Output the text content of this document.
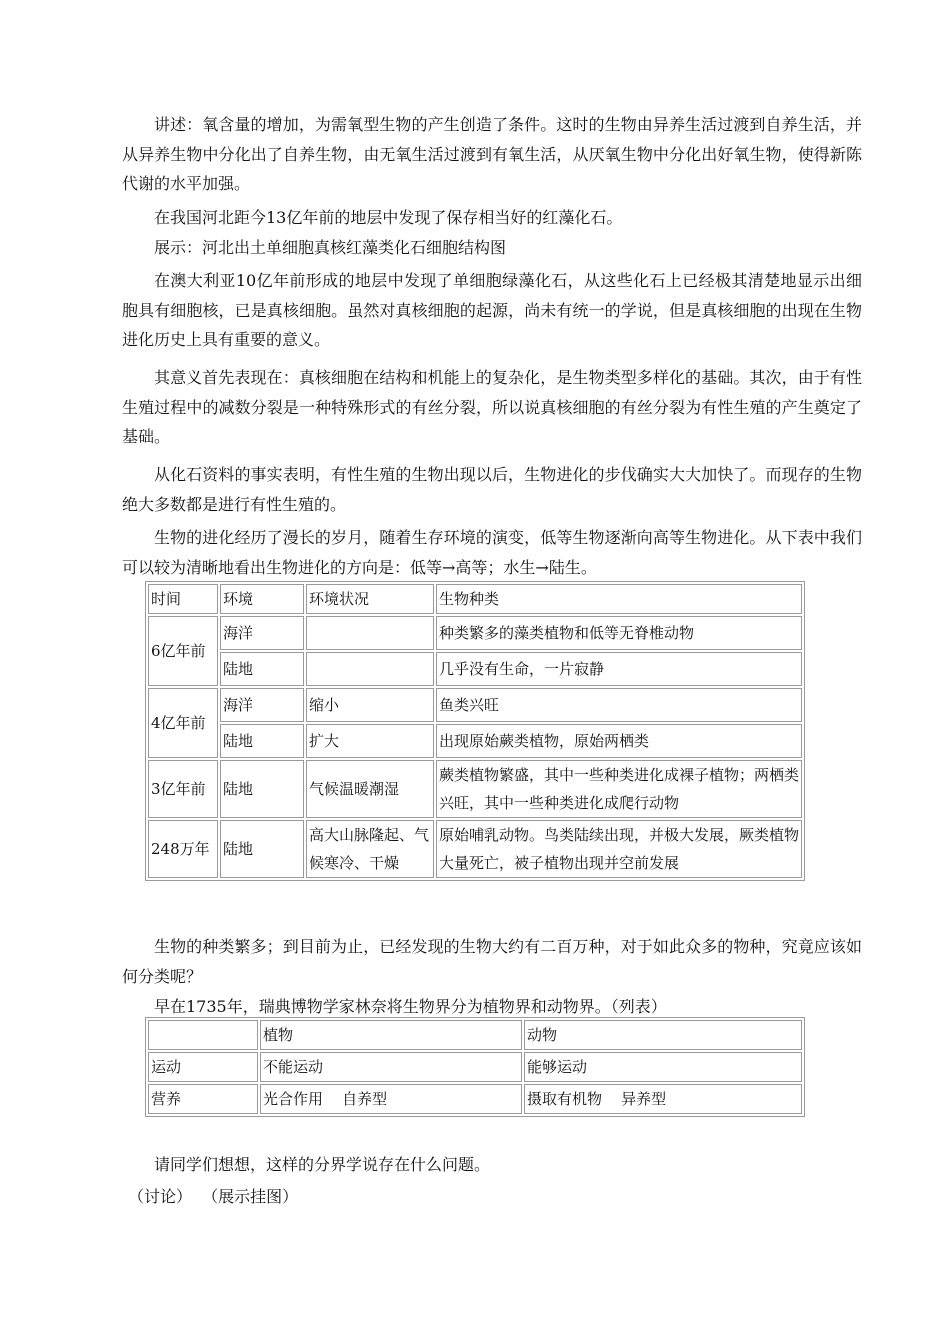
讲述：氧含量的增加，为需氧型生物的产生创造了条件。这时的生物由异养生活过渡到自养生活，并从异养生物中分化出了自养生物，由无氧生活过渡到有氧生活，从厌氧生物中分化出好氧生物，使得新陈代谢的水平加强。

在我国河北距今13亿年前的地层中发现了保存相当好的红藻化石。

展示：河北出土单细胞真核红藻类化石细胞结构图

在澳大利亚10亿年前形成的地层中发现了单细胞绿藻化石，从这些化石上已经极其清楚地显示出细胞具有细胞核，已是真核细胞。虽然对真核细胞的起源，尚未有统一的学说，但是真核细胞的出现在生物进化历史上具有重要的意义。

其意义首先表现在：真核细胞在结构和机能上的复杂化，是生物类型多样化的基础。其次，由于有性生殖过程中的减数分裂是一种特殊形式的有丝分裂，所以说真核细胞的有丝分裂为有性生殖的产生奠定了基础。

从化石资料的事实表明，有性生殖的生物出现以后，生物进化的步伐确实大大加快了。而现存的生物绝大多数都是进行有性生殖的。

生物的进化经历了漫长的岁月，随着生存环境的演变，低等生物逐渐向高等生物进化。从下表中我们可以较为清晰地看出生物进化的方向是：低等→高等；水生→陆生。

时间	环境	环境状况	生物种类
6亿年前	海洋		种类繁多的藻类植物和低等无脊椎动物
	陆地		几乎没有生命，一片寂静
4亿年前	海洋	缩小	鱼类兴旺
	陆地	扩大	出现原始蕨类植物，原始两栖类
3亿年前	陆地	气候温暖潮湿	蕨类植物繁盛，其中一些种类进化成裸子植物；两栖类兴旺，其中一些种类进化成爬行动物
248万年	陆地	高大山脉隆起、气候寒冷、干燥	原始哺乳动物。鸟类陆续出现，并极大发展，厥类植物大量死亡，被子植物出现并空前发展

生物的种类繁多；到目前为止，已经发现的生物大约有二百万种，对于如此众多的物种，究竟应该如何分类呢？

早在1735年，瑞典博物学家林奈将生物界分为植物界和动物界。（列表）

	植物	动物
运动	不能运动	能够运动
营养	光合作用    自养型	摄取有机物    异养型

请同学们想想，这样的分界学说存在什么问题。

（讨论）  （展示挂图）
